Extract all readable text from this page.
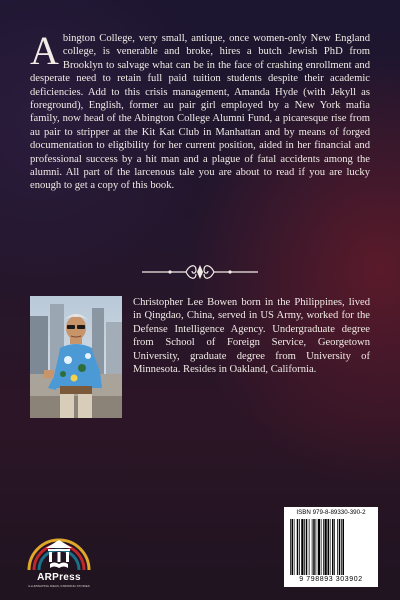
Abington College, very small, antique, once women-only New England college, is venerable and broke, hires a butch Jewish PhD from Brooklyn to salvage what can be in the face of crashing enrollment and desperate need to retain full paid tuition students despite their academic deficiencies. Add to this crisis management, Amanda Hyde (with Jekyll as foreground), English, former au pair girl employed by a New York mafia family, now head of the Abington College Alumni Fund, a picaresque rise from au pair to stripper at the Kit Kat Club in Manhattan and by means of forged documentation to eligibility for her current position, aided in her financial and professional success by a hit man and a plague of fatal accidents among the alumni. All part of the larcenous tale you are about to read if you are lucky enough to get a copy of this book.

Christopher Lee Bowen born in the Philippines, lived in Qingdao, China, served in US Army, worked for the Defense Intelligence Agency. Undergraduate degree from School of Foreign Service, Georgetown University, graduate degree from University of Minnesota. Resides in Oakland, California.

ARPress
ILLUMINATING IDEAS, INSPIRING STORIES
ISBN 979-8-89330-390-2
9 798893 303902
